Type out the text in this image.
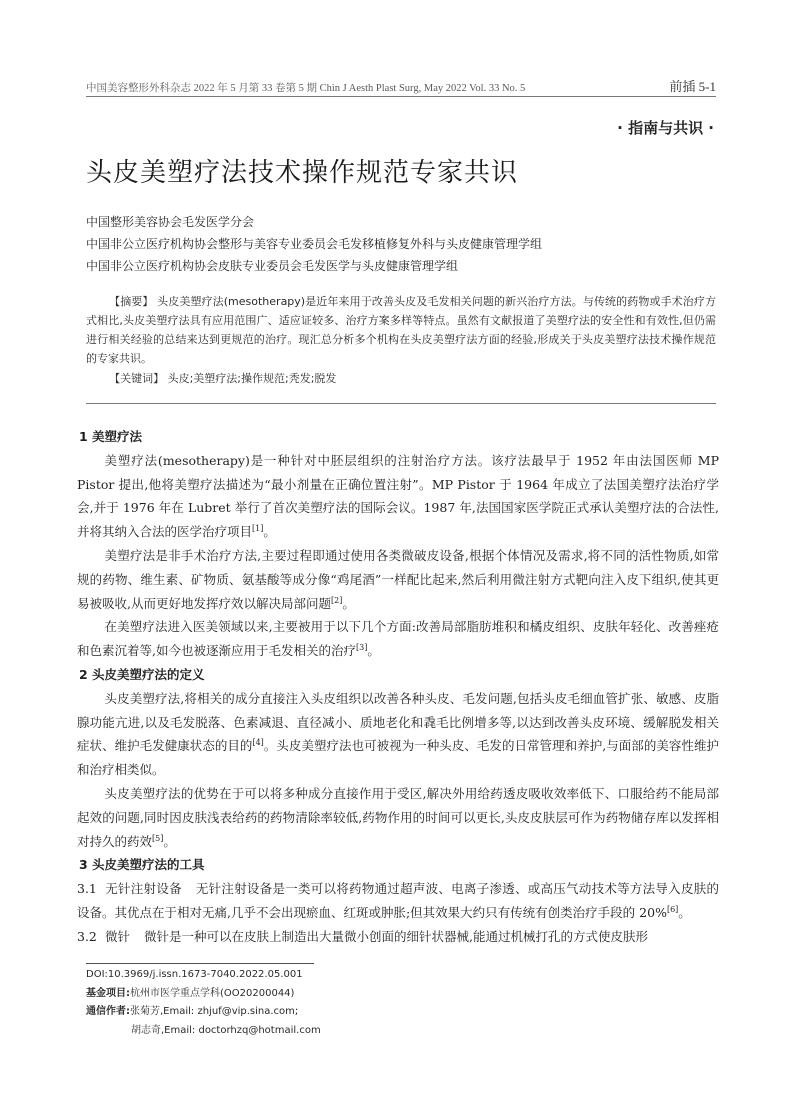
中国美容整形外科杂志 2022 年 5 月第 33 卷第 5 期 Chin J Aesth Plast Surg, May 2022 Vol. 33 No. 5	前插 5-1
· 指南与共识 ·
头皮美塑疗法技术操作规范专家共识
中国整形美容协会毛发医学分会
中国非公立医疗机构协会整形与美容专业委员会毛发移植修复外科与头皮健康管理学组
中国非公立医疗机构协会皮肤专业委员会毛发医学与头皮健康管理学组

【摘要】 头皮美塑疗法(mesotherapy)是近年来用于改善头皮及毛发相关问题的新兴治疗方法。与传统的药物或手术治疗方式相比,头皮美塑疗法具有应用范围广、适应证较多、治疗方案多样等特点。虽然有文献报道了美塑疗法的安全性和有效性,但仍需进行相关经验的总结来达到更规范的治疗。现汇总分析多个机构在头皮美塑疗法方面的经验,形成关于头皮美塑疗法技术操作规范的专家共识。

【关键词】 头皮;美塑疗法;操作规范;秃发;脱发

1 美塑疗法

美塑疗法(mesotherapy)是一种针对中胚层组织的注射治疗方法。该疗法最早于 1952 年由法国医师 MP Pistor 提出,他将美塑疗法描述为“最小剂量在正确位置注射”。MP Pistor 于 1964 年成立了法国美塑疗法治疗学会,并于 1976 年在 Lubret 举行了首次美塑疗法的国际会议。1987 年,法国国家医学院正式承认美塑疗法的合法性,并将其纳入合法的医学治疗项目[1]。

美塑疗法是非手术治疗方法,主要过程即通过使用各类微破皮设备,根据个体情况及需求,将不同的活性物质,如常规的药物、维生素、矿物质、氨基酸等成分像“鸡尾酒”一样配比起来,然后利用微注射方式靶向注入皮下组织,使其更易被吸收,从而更好地发挥疗效以解决局部问题[2]。

在美塑疗法进入医美领域以来,主要被用于以下几个方面:改善局部脂肪堆积和橘皮组织、皮肤年轻化、改善痤疮和色素沉着等,如今也被逐渐应用于毛发相关的治疗[3]。

2 头皮美塑疗法的定义

头皮美塑疗法,将相关的成分直接注入头皮组织以改善各种头皮、毛发问题,包括头皮毛细血管扩张、敏感、皮脂腺功能亢进,以及毛发脱落、色素减退、直径减小、质地老化和毳毛比例增多等,以达到改善头皮环境、缓解脱发相关症状、维护毛发健康状态的目的[4]。头皮美塑疗法也可被视为一种头皮、毛发的日常管理和养护,与面部的美容性维护和治疗相类似。

头皮美塑疗法的优势在于可以将多种成分直接作用于受区,解决外用给药透皮吸收效率低下、口服给药不能局部起效的问题,同时因皮肤浅表给药的药物清除率较低,药物作用的时间可以更长,头皮皮肤层可作为药物储存库以发挥相对持久的药效[5]。

3 头皮美塑疗法的工具

3.1 无针注射设备 无针注射设备是一类可以将药物通过超声波、电离子渗透、或高压气动技术等方法导入皮肤的设备。其优点在于相对无痛,几乎不会出现瘀血、红斑或肿胀;但其效果大约只有传统有创类治疗手段的 20%[6]。

3.2 微针 微针是一种可以在皮肤上制造出大量微小创面的细针状器械,能通过机械打孔的方式使皮肤形

DOI:10.3969/j.issn.1673-7040.2022.05.001
基金项目:杭州市医学重点学科(OO20200044)
通信作者:张菊芳,Email: zhjuf@vip.sina.com;
胡志奇,Email: doctorhzq@hotmail.com
